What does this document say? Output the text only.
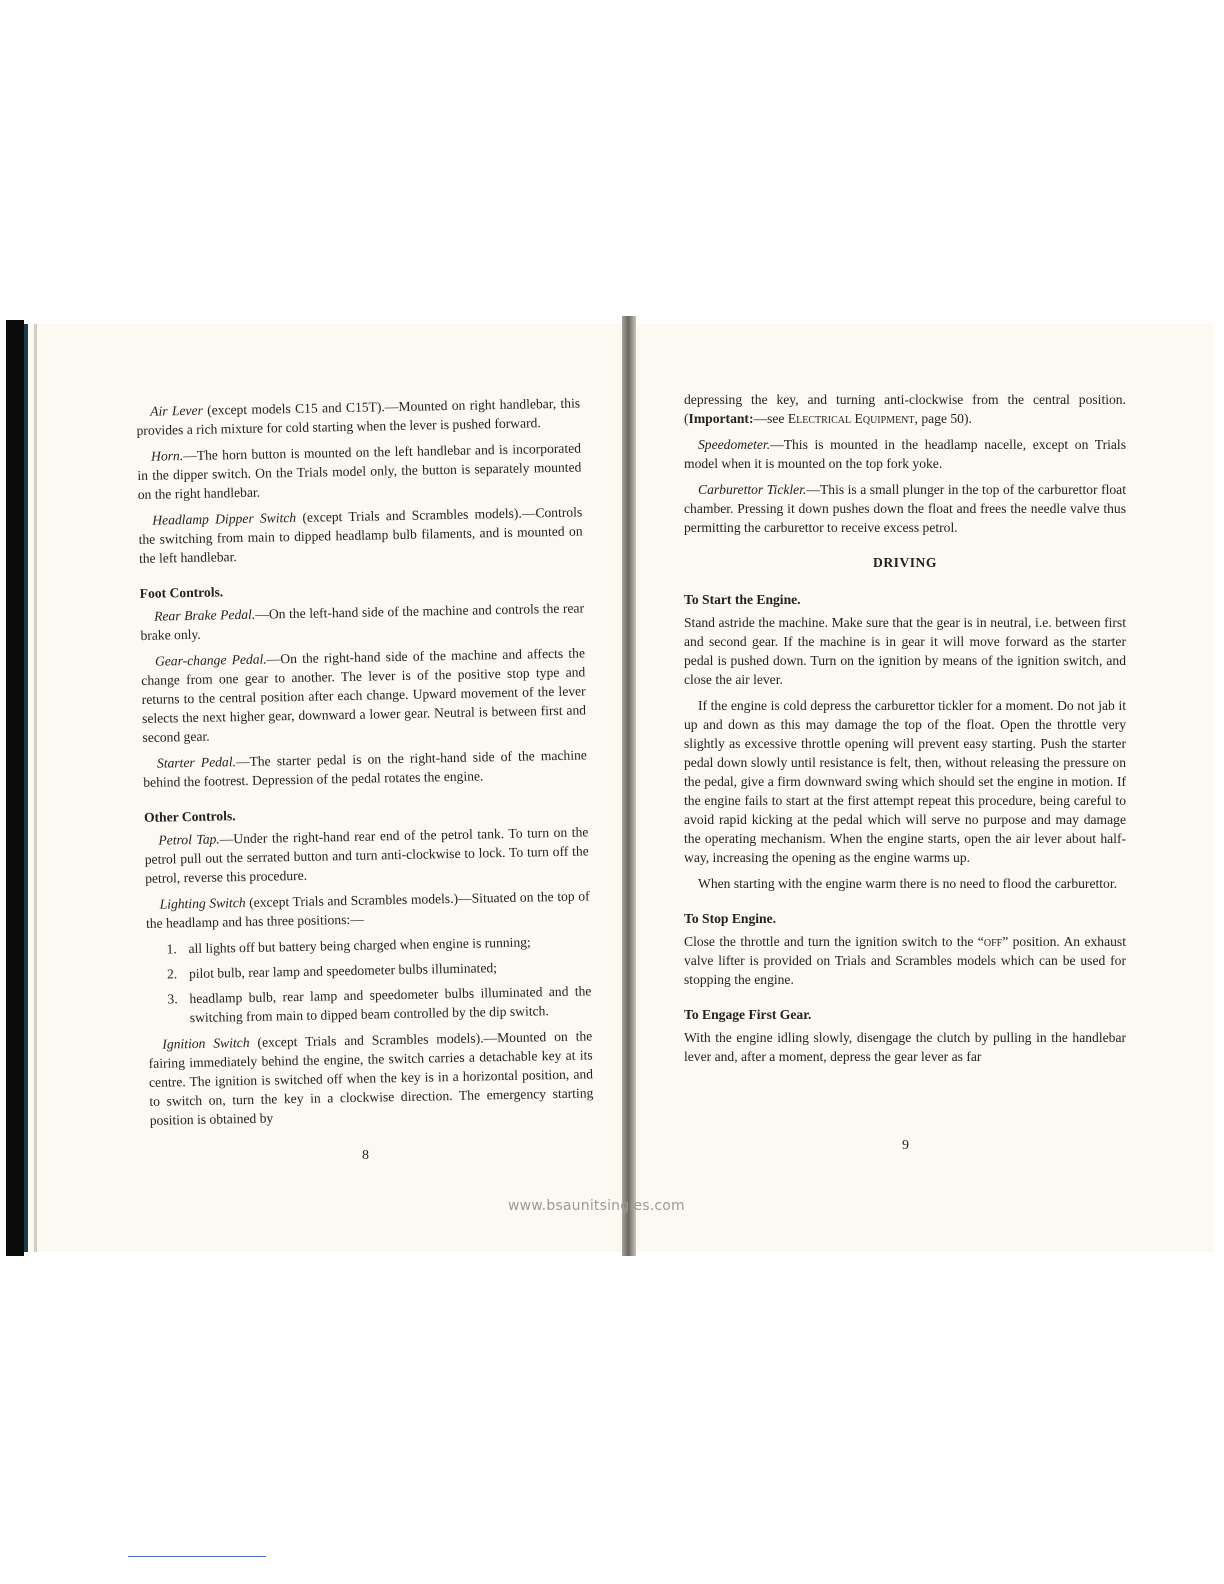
Air Lever (except models C15 and C15T).—Mounted on right handlebar, this provides a rich mixture for cold starting when the lever is pushed forward.

Horn.—The horn button is mounted on the left handlebar and is incorporated in the dipper switch. On the Trials model only, the button is separately mounted on the right handlebar.

Headlamp Dipper Switch (except Trials and Scrambles models).—Controls the switching from main to dipped headlamp bulb filaments, and is mounted on the left handlebar.

Foot Controls.

Rear Brake Pedal.—On the left-hand side of the machine and controls the rear brake only.

Gear-change Pedal.—On the right-hand side of the machine and affects the change from one gear to another. The lever is of the positive stop type and returns to the central position after each change. Upward movement of the lever selects the next higher gear, downward a lower gear. Neutral is between first and second gear.

Starter Pedal.—The starter pedal is on the right-hand side of the machine behind the footrest. Depression of the pedal rotates the engine.

Other Controls.

Petrol Tap.—Under the right-hand rear end of the petrol tank. To turn on the petrol pull out the serrated button and turn anti-clockwise to lock. To turn off the petrol, reverse this procedure.

Lighting Switch (except Trials and Scrambles models.)—Situated on the top of the headlamp and has three positions:—

1. all lights off but battery being charged when engine is running;
2. pilot bulb, rear lamp and speedometer bulbs illuminated;
3. headlamp bulb, rear lamp and speedometer bulbs illuminated and the switching from main to dipped beam controlled by the dip switch.

Ignition Switch (except Trials and Scrambles models).—Mounted on the fairing immediately behind the engine, the switch carries a detachable key at its centre. The ignition is switched off when the key is in a horizontal position, and to switch on, turn the key in a clockwise direction. The emergency starting position is obtained by

8

depressing the key, and turning anti-clockwise from the central position. (Important:—see Electrical Equipment, page 50).

Speedometer.—This is mounted in the headlamp nacelle, except on Trials model when it is mounted on the top fork yoke.

Carburettor Tickler.—This is a small plunger in the top of the carburettor float chamber. Pressing it down pushes down the float and frees the needle valve thus permitting the carburettor to receive excess petrol.

DRIVING
To Start the Engine.

Stand astride the machine. Make sure that the gear is in neutral, i.e. between first and second gear. If the machine is in gear it will move forward as the starter pedal is pushed down. Turn on the ignition by means of the ignition switch, and close the air lever.

If the engine is cold depress the carburettor tickler for a moment. Do not jab it up and down as this may damage the top of the float. Open the throttle very slightly as excessive throttle opening will prevent easy starting. Push the starter pedal down slowly until resistance is felt, then, without releasing the pressure on the pedal, give a firm downward swing which should set the engine in motion. If the engine fails to start at the first attempt repeat this procedure, being careful to avoid rapid kicking at the pedal which will serve no purpose and may damage the operating mechanism. When the engine starts, open the air lever about half-way, increasing the opening as the engine warms up.

When starting with the engine warm there is no need to flood the carburettor.

To Stop Engine.

Close the throttle and turn the ignition switch to the “off” position. An exhaust valve lifter is provided on Trials and Scrambles models which can be used for stopping the engine.

To Engage First Gear.

With the engine idling slowly, disengage the clutch by pulling in the handlebar lever and, after a moment, depress the gear lever as far

9
www.bsaunitsingles.com
